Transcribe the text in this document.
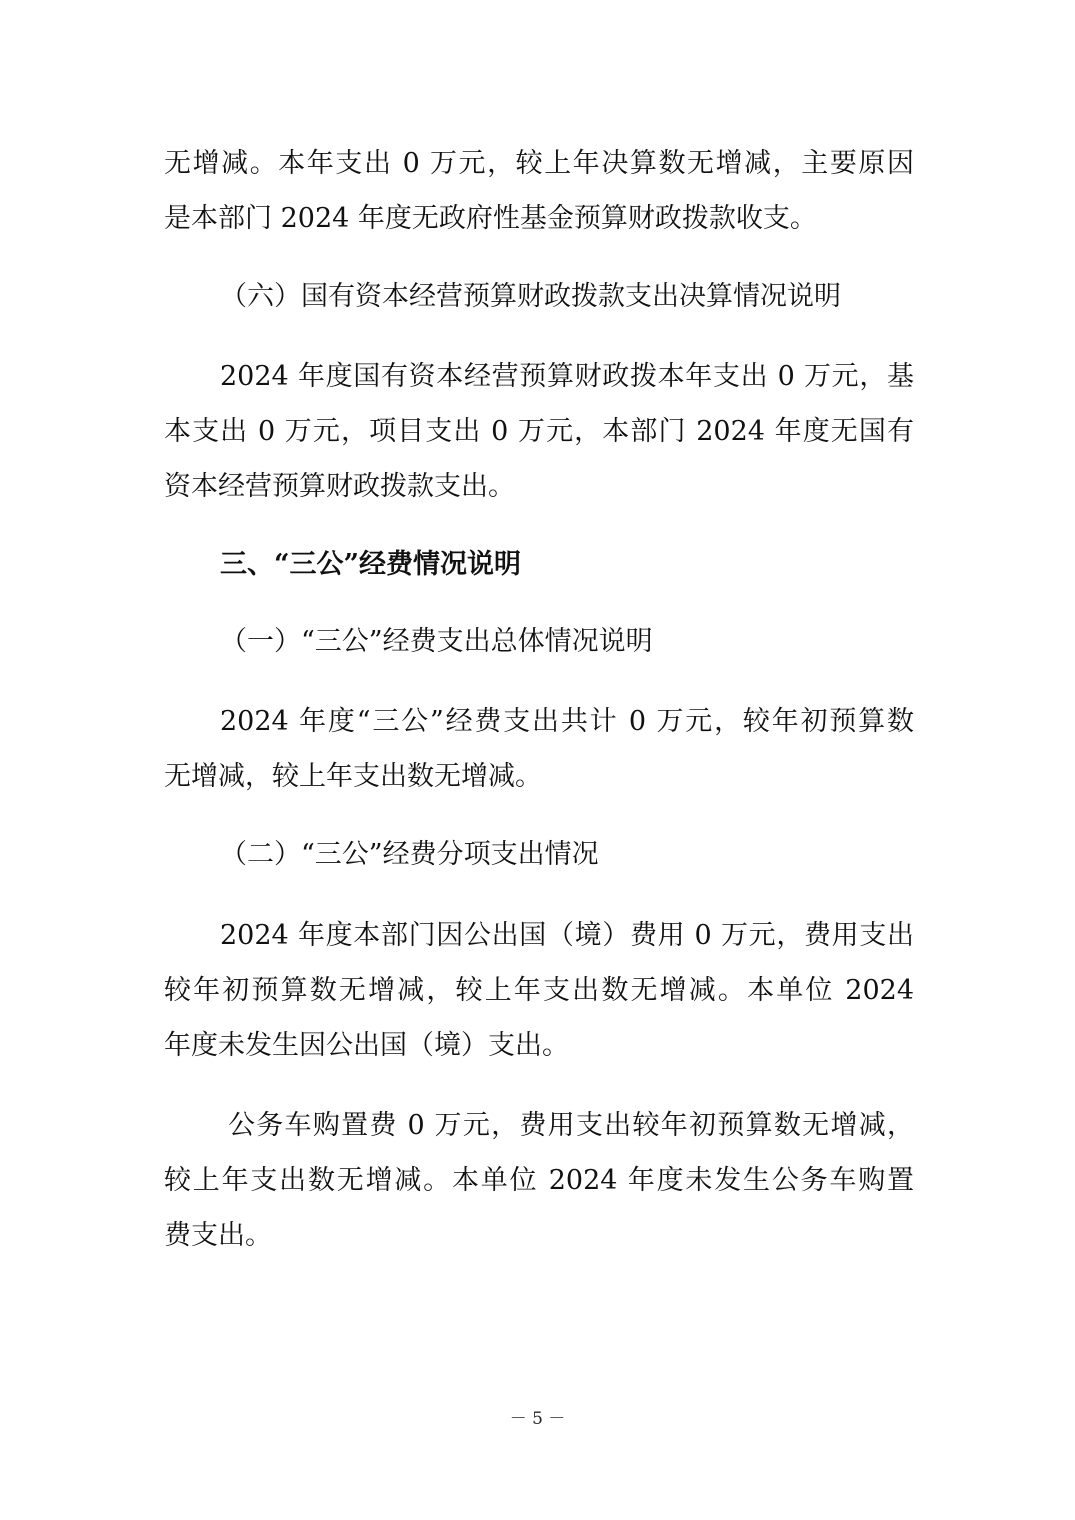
无增减。本年支出 0 万元，较上年决算数无增减，主要原因
是本部门 2024 年度无政府性基金预算财政拨款收支。
（六）国有资本经营预算财政拨款支出决算情况说明
2024 年度国有资本经营预算财政拨本年支出 0 万元，基
本支出 0 万元，项目支出 0 万元，本部门 2024 年度无国有
资本经营预算财政拨款支出。
三、“三公”经费情况说明
（一）“三公”经费支出总体情况说明
2024 年度“三公”经费支出共计 0 万元，较年初预算数
无增减，较上年支出数无增减。
（二）“三公”经费分项支出情况
2024 年度本部门因公出国（境）费用 0 万元，费用支出
较年初预算数无增减，较上年支出数无增减。本单位 2024
年度未发生因公出国（境）支出。
公务车购置费 0 万元，费用支出较年初预算数无增减，
较上年支出数无增减。本单位 2024 年度未发生公务车购置
费支出。
－ 5 －
